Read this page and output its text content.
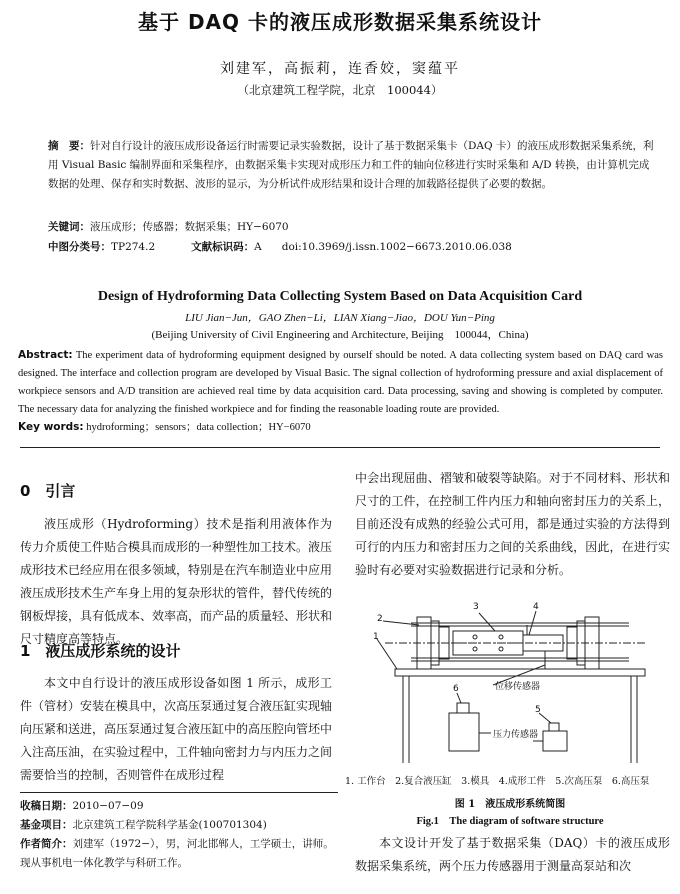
基于 DAQ 卡的液压成形数据采集系统设计
刘建军，高振莉，连香姣，窦蕴平
（北京建筑工程学院，北京　100044）
摘　要：针对自行设计的液压成形设备运行时需要记录实验数据，设计了基于数据采集卡（DAQ 卡）的液压成形数据采集系统，利用 Visual Basic 编制界面和采集程序，由数据采集卡实现对成形压力和工件的轴向位移进行实时采集和 A/D 转换，由计算机完成数据的处理、保存和实时数据、波形的显示，为分析试件成形结果和设计合理的加载路径提供了必要的数据。
关键词：液压成形；传感器；数据采集；HY−6070
中图分类号：TP274.2	文献标识码：A doi:10.3969/j.issn.1002−6673.2010.06.038
Design of Hydroforming Data Collecting System Based on Data Acquisition Card
LIU Jian−Jun，GAO Zhen−Li，LIAN Xiang−Jiao，DOU Yun−Ping
(Beijing University of Civil Engineering and Architecture, Beijing　100044，China)
Abstract: The experiment data of hydroforming equipment designed by ourself should be noted. A data collecting system based on DAQ card was designed. The interface and collection program are developed by Visual Basic. The signal collection of hydroforming pressure and axial displacement of workpiece sensors and A/D transition are achieved real time by data acquisition card. Data processing, saving and showing is completed by computer. The necessary data for analyzing the finished workpiece and for finding the reasonable loading route are provided.
Key words: hydroforming；sensors；data collection；HY−6070
0　引言

液压成形（Hydroforming）技术是指利用液体作为传力介质使工件贴合模具而成形的一种塑性加工技术。液压成形技术已经应用在很多领域，特别是在汽车制造业中应用液压成形技术生产车身上用的复杂形状的管件，替代传统的钢板焊接，具有低成本、效率高，而产品的质量轻、形状和尺寸精度高等特点。

1　液压成形系统的设计

本文中自行设计的液压成形设备如图 1 所示，成形工件（管材）安装在模具中，次高压泵通过复合液压缸实现轴向压紧和送进，高压泵通过复合液压缸中的高压腔向管坯中入注高压油，在实验过程中，工件轴向密封力与内压力之间需要恰当的控制，否则管件在成形过程

收稿日期：2010−07−09
基金项目：北京建筑工程学院科学基金(100701304)
作者简介：刘建军（1972−），男，河北邯郸人，工学硕士，讲师。现从事机电一体化教学与科研工作。

中会出现屈曲、褶皱和破裂等缺陷。对于不同材料、形状和尺寸的工件，在控制工件内压力和轴向密封压力的关系上，目前还没有成熟的经验公式可用，都是通过实验的方法得到可行的内压力和密封压力之间的关系曲线，因此，在进行实验时有必要对实验数据进行记录和分析。

2
1
3	4
5
6	位移传感器
压力传感器
1. 工作台　2.复合液压缸　3.模具　4.成形工件　5.次高压泵　6.高压泵
图 1　液压成形系统简图
Fig.1　The diagram of software structure

本文设计开发了基于数据采集（DAQ）卡的液压成形数据采集系统，两个压力传感器用于测量高泵站和次
